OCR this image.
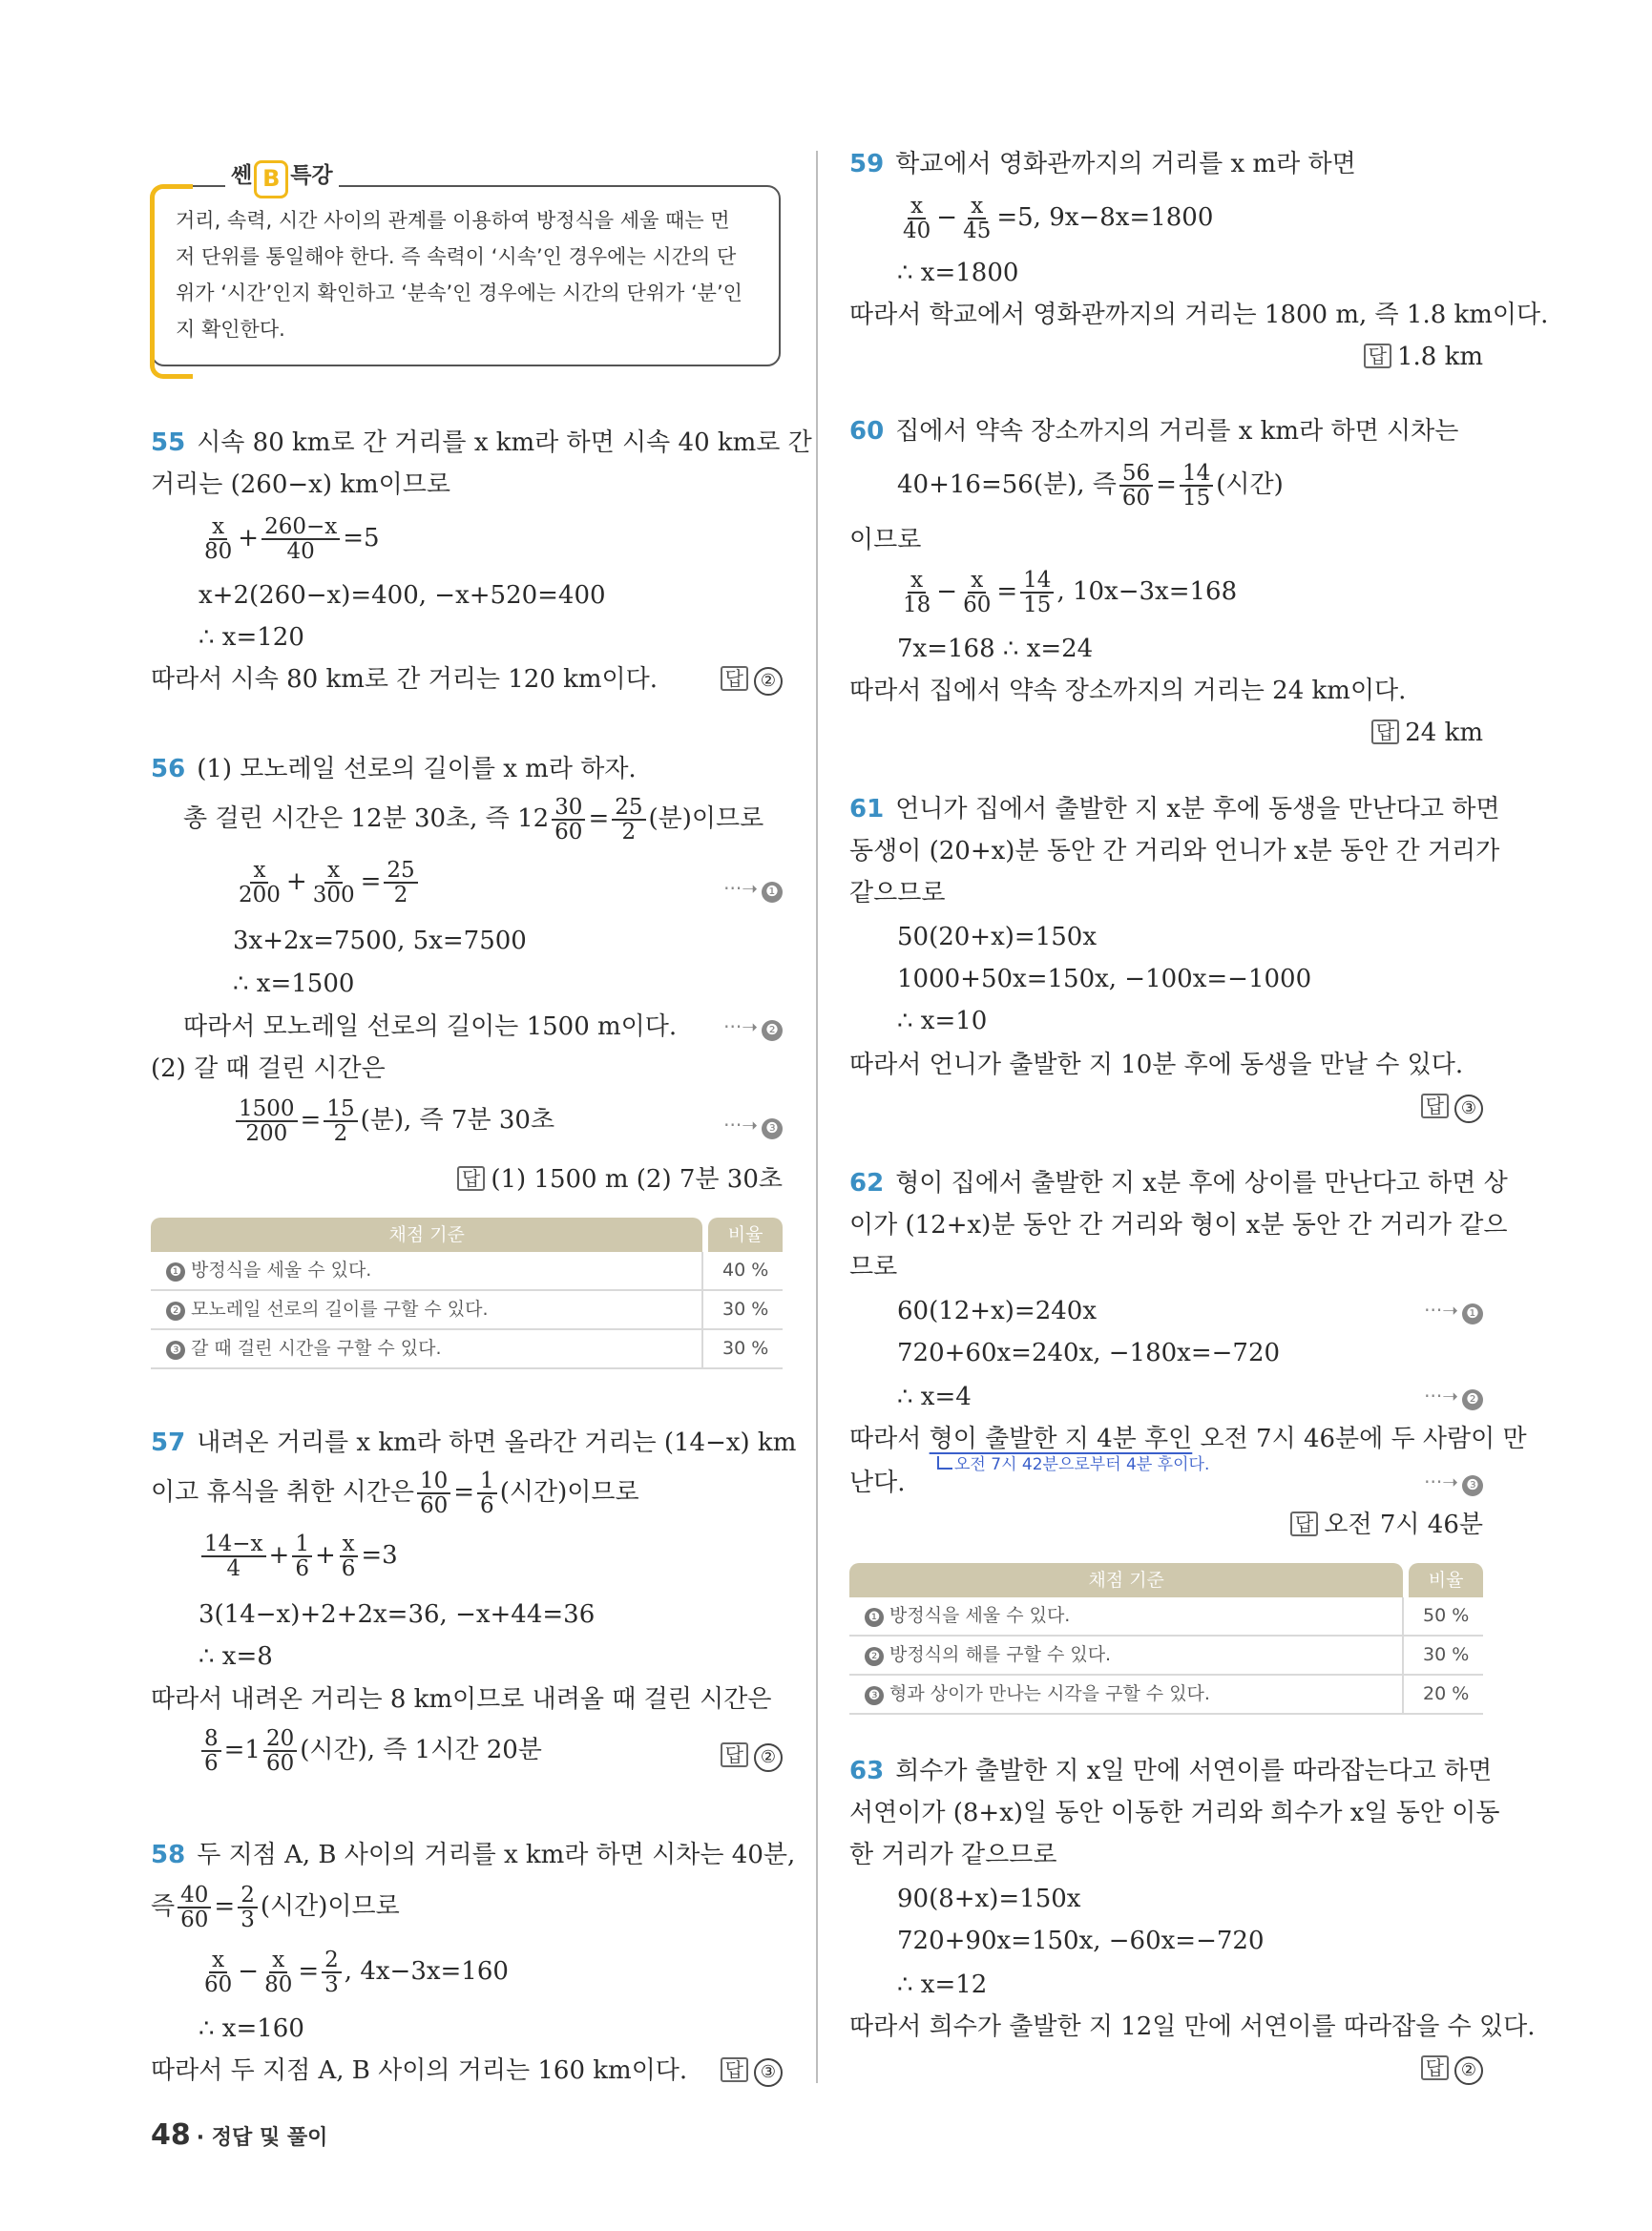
쎈 B 특강
거리, 속력, 시간 사이의 관계를 이용하여 방정식을 세울 때는 먼
저 단위를 통일해야 한다. 즉 속력이 ‘시속’인 경우에는 시간의 단
위가 ‘시간’인지 확인하고 ‘분속’인 경우에는 시간의 단위가 ‘분’인
지 확인한다.
55 시속 80 km로 간 거리를 x km라 하면 시속 40 km로 간
거리는 (260−x) km이므로
$\frac{x}{80} + \frac{260-x}{40} =5$
x+2(260−x)=400, −x+520=400
∴ x=120
따라서 시속 80 km로 간 거리는 120 km이다.	답 ②
56 (1) 모노레일 선로의 길이를 x m라 하자.
총 걸린 시간은 12분 30초, 즉 $12 \frac{30}{60} = \frac{25}{2}$ (분)이므로
$\frac{x}{200} + \frac{x}{300} = \frac{25}{2}$	···➝ ❶
3x+2x=7500, 5x=7500
∴ x=1500
따라서 모노레일 선로의 길이는 1500 m이다. ···➝ ❷
(2) 갈 때 걸린 시간은
$\frac{1500}{200} = \frac{15}{2}$ (분), 즉 7분 30초	···➝ ❸
답 (1) 1500 m (2) 7분 30초
채점 기준		비율
❶ 방정식을 세울 수 있다.		40 %
❷ 모노레일 선로의 길이를 구할 수 있다.		30 %
❸ 갈 때 걸린 시간을 구할 수 있다.		30 %
57 내려온 거리를 x km라 하면 올라간 거리는 (14−x) km
이고 휴식을 취한 시간은 $\frac{10}{60} = \frac{1}{6}$ (시간)이므로
$\frac{14-x}{4} + \frac{1}{6} + \frac{x}{6} =3$
3(14−x)+2+2x=36, −x+44=36
∴ x=8
따라서 내려온 거리는 8 km이므로 내려올 때 걸린 시간은
$\frac{8}{6} =1 \frac{20}{60}$ (시간), 즉 1시간 20분	답 ②
58 두 지점 A, B 사이의 거리를 x km라 하면 시차는 40분,
즉 $\frac{40}{60} = \frac{2}{3}$ (시간)이므로
$\frac{x}{60} - \frac{x}{80} = \frac{2}{3}$ , 4x−3x=160
∴ x=160
따라서 두 지점 A, B 사이의 거리는 160 km이다. 답 ③
59 학교에서 영화관까지의 거리를 x m라 하면
$\frac{x}{40} - \frac{x}{45} =5$, 9x−8x=1800
∴ x=1800
따라서 학교에서 영화관까지의 거리는 1800 m, 즉 1.8 km이다.
답 1.8 km
60 집에서 약속 장소까지의 거리를 x km라 하면 시차는
40+16=56(분), 즉 $\frac{56}{60} = \frac{14}{15}$ (시간)
이므로
$\frac{x}{18} - \frac{x}{60} = \frac{14}{15}$ , 10x−3x=168
7x=168 ∴ x=24
따라서 집에서 약속 장소까지의 거리는 24 km이다.
답 24 km
61 언니가 집에서 출발한 지 x분 후에 동생을 만난다고 하면
동생이 (20+x)분 동안 간 거리와 언니가 x분 동안 간 거리가
같으므로
50(20+x)=150x
1000+50x=150x, −100x=−1000
∴ x=10
따라서 언니가 출발한 지 10분 후에 동생을 만날 수 있다.
답 ③
62 형이 집에서 출발한 지 x분 후에 상이를 만난다고 하면 상
이가 (12+x)분 동안 간 거리와 형이 x분 동안 간 거리가 같으
므로
60(12+x)=240x	···➝ ❶
720+60x=240x, −180x=−720
∴ x=4	···➝ ❷
따라서 형이 출발한 지 4분 후인 오전 7시 46분에 두 사람이 만
오전 7시 42분으로부터 4분 후이다.
난다.	···➝ ❸
답 오전 7시 46분
채점 기준		비율
❶ 방정식을 세울 수 있다.		50 %
❷ 방정식의 해를 구할 수 있다.		30 %
❸ 형과 상이가 만나는 시각을 구할 수 있다.		20 %
63 희수가 출발한 지 x일 만에 서연이를 따라잡는다고 하면
서연이가 (8+x)일 동안 이동한 거리와 희수가 x일 동안 이동
한 거리가 같으므로
90(8+x)=150x
720+90x=150x, −60x=−720
∴ x=12
따라서 희수가 출발한 지 12일 만에 서연이를 따라잡을 수 있다.
답 ②
48 · 정답 및 풀이
